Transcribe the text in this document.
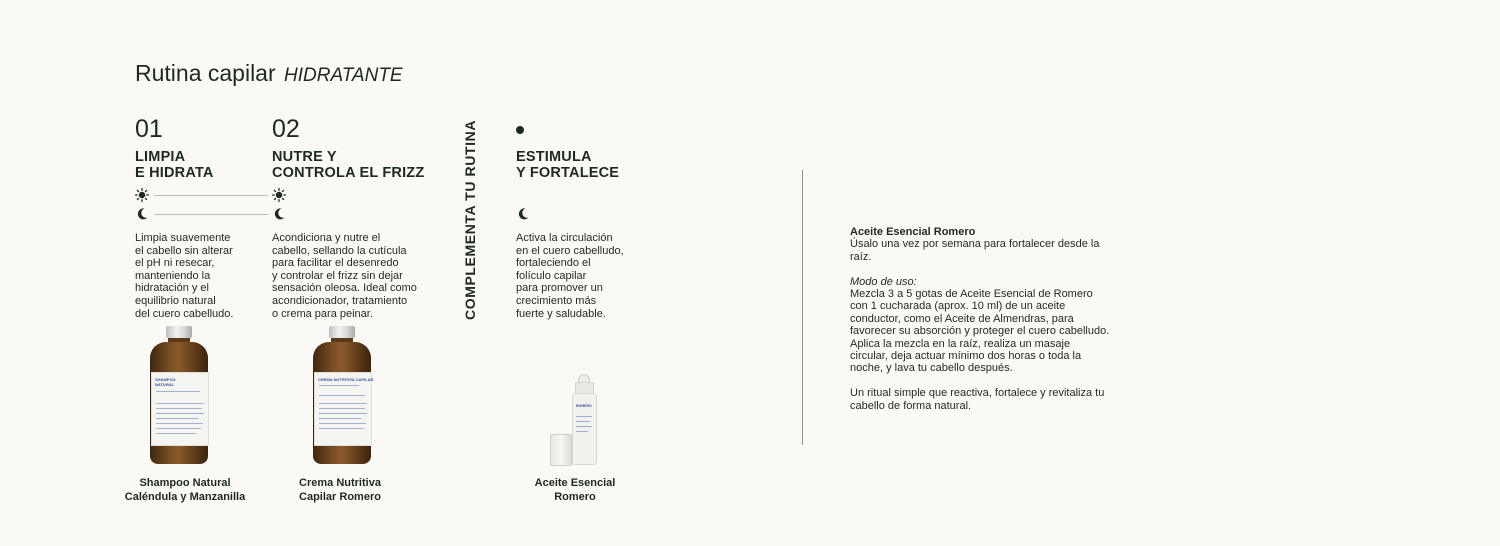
Rutina capilar HIDRATANTE
01
LIMPIA
E HIDRATA
02
NUTRE Y
CONTROLA EL FRIZZ
Limpia suavemente
el cabello sin alterar
el pH ni resecar,
manteniendo la
hidratación y el
equilibrio natural
del cuero cabelludo.
Acondiciona y nutre el
cabello, sellando la cutícula
para facilitar el desenredo
y controlar el frizz sin dejar
sensación oleosa. Ideal como
acondicionador, tratamiento
o crema para peinar.	COMPLEMENTA TU RUTINA	ESTIMULA
Y FORTALECE
Activa la circulación
en el cuero cabelludo,
fortaleciendo el
folículo capilar
para promover un
crecimiento más
fuerte y saludable.
SHAMPOO
NATURAL
CREMA NUTRITIVA CAPILAR
ROMERO
Shampoo Natural
Caléndula y Manzanilla
Crema Nutritiva
Capilar Romero
Aceite Esencial
Romero

Aceite Esencial Romero
Úsalo una vez por semana para fortalecer desde la
raíz.

Modo de uso:
Mezcla 3 a 5 gotas de Aceite Esencial de Romero
con 1 cucharada (aprox. 10 ml) de un aceite
conductor, como el Aceite de Almendras, para
favorecer su absorción y proteger el cuero cabelludo.
Aplica la mezcla en la raíz, realiza un masaje
circular, deja actuar mínimo dos horas o toda la
noche, y lava tu cabello después.

Un ritual simple que reactiva, fortalece y revitaliza tu
cabello de forma natural.
